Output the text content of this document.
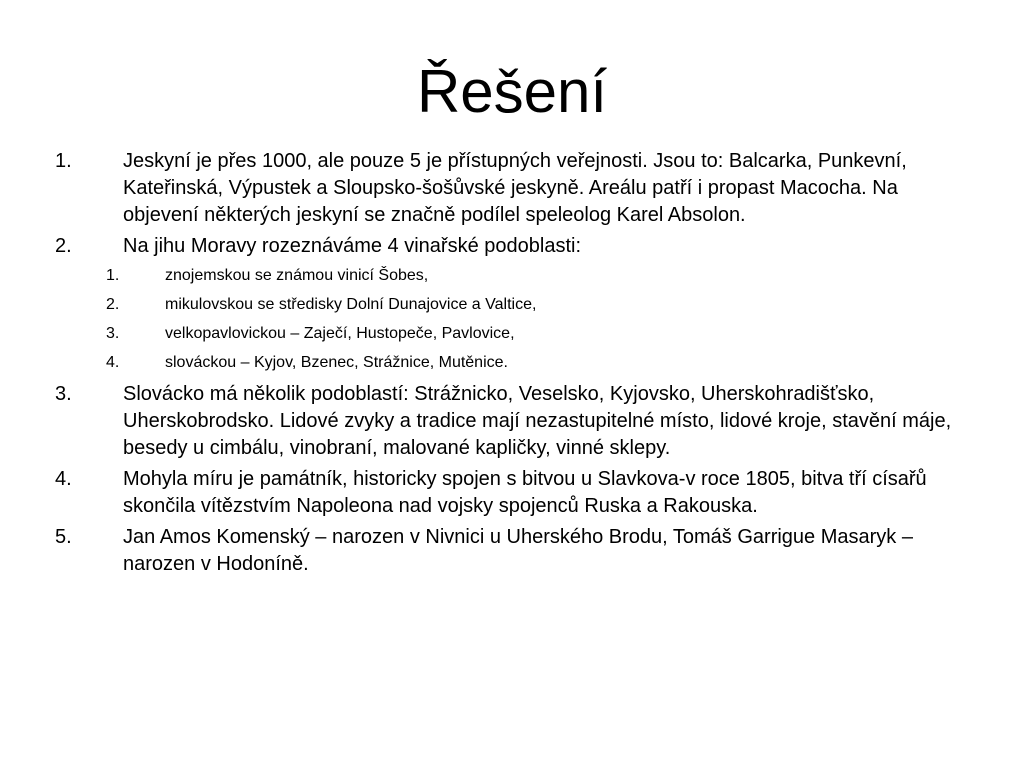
Řešení
1.	Jeskyní je přes 1000, ale pouze 5 je přístupných veřejnosti. Jsou to: Balcarka, Punkevní, Kateřinská, Výpustek a Sloupsko-šošůvské jeskyně. Areálu patří i propast Macocha. Na objevení některých jeskyní se značně podílel speleolog Karel Absolon.
2.	Na jihu Moravy rozeznáváme 4 vinařské podoblasti:
1.	znojemskou se známou vinicí Šobes,
2.	mikulovskou se středisky Dolní Dunajovice a Valtice,
3.	velkopavlovickou – Zaječí, Hustopeče, Pavlovice,
4.	slováckou – Kyjov, Bzenec, Strážnice, Mutěnice.
3.	Slovácko má několik podoblastí: Strážnicko, Veselsko, Kyjovsko, Uherskohradišťsko, Uherskobrodsko. Lidové zvyky a tradice mají nezastupitelné místo, lidové kroje, stavění máje, besedy u cimbálu, vinobraní, malované kapličky, vinné sklepy.
4.	Mohyla míru je památník, historicky spojen s bitvou u Slavkova-v roce 1805, bitva tří císařů skončila vítězstvím Napoleona nad vojsky spojenců Ruska a Rakouska.
5.	Jan Amos Komenský – narozen v Nivnici u Uherského Brodu, Tomáš Garrigue Masaryk – narozen v Hodoníně.
